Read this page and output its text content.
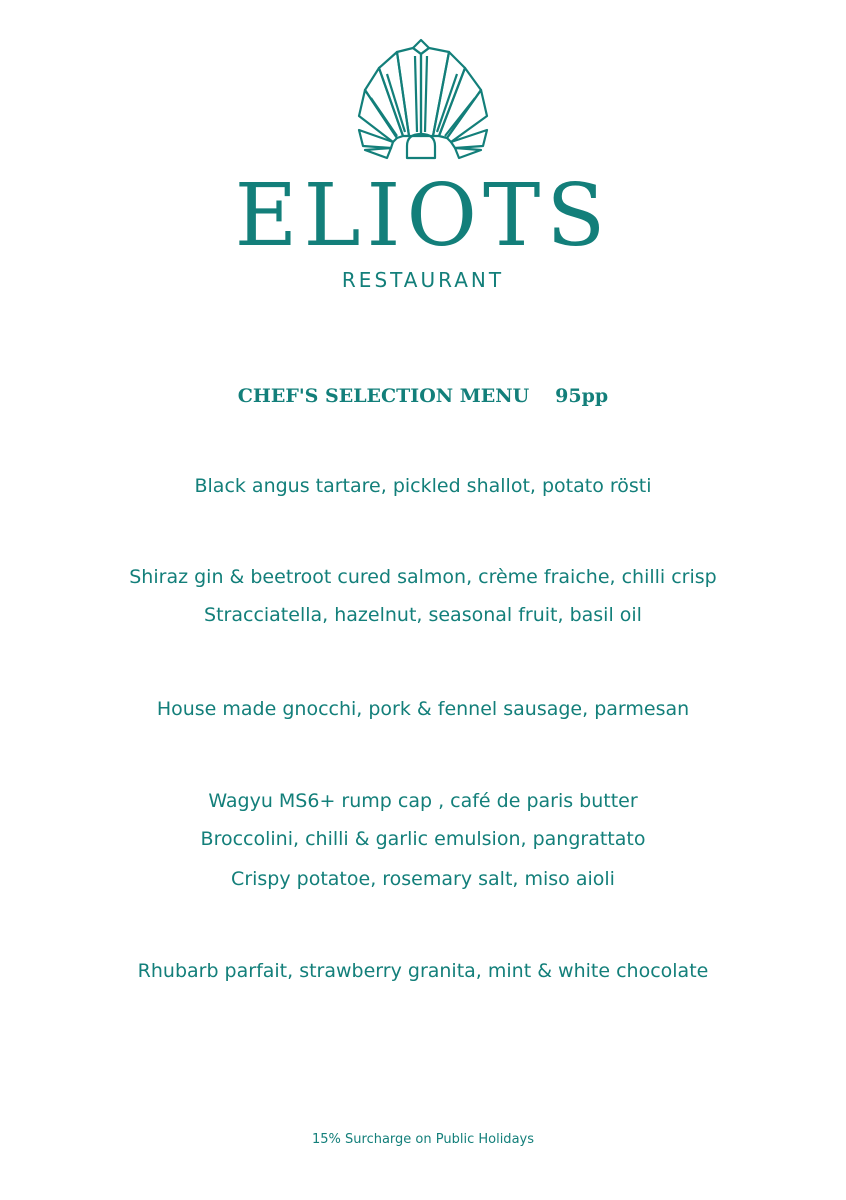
ELIOTS
RESTAURANT
CHEF'S SELECTION MENU 95pp
Black angus tartare, pickled shallot, potato rösti
Shiraz gin & beetroot cured salmon, crème fraiche, chilli crisp
Stracciatella, hazelnut, seasonal fruit, basil oil
House made gnocchi, pork & fennel sausage, parmesan
Wagyu MS6+ rump cap , café de paris butter
Broccolini, chilli & garlic emulsion, pangrattato
Crispy potatoe, rosemary salt, miso aioli
Rhubarb parfait, strawberry granita, mint & white chocolate
15% Surcharge on Public Holidays
